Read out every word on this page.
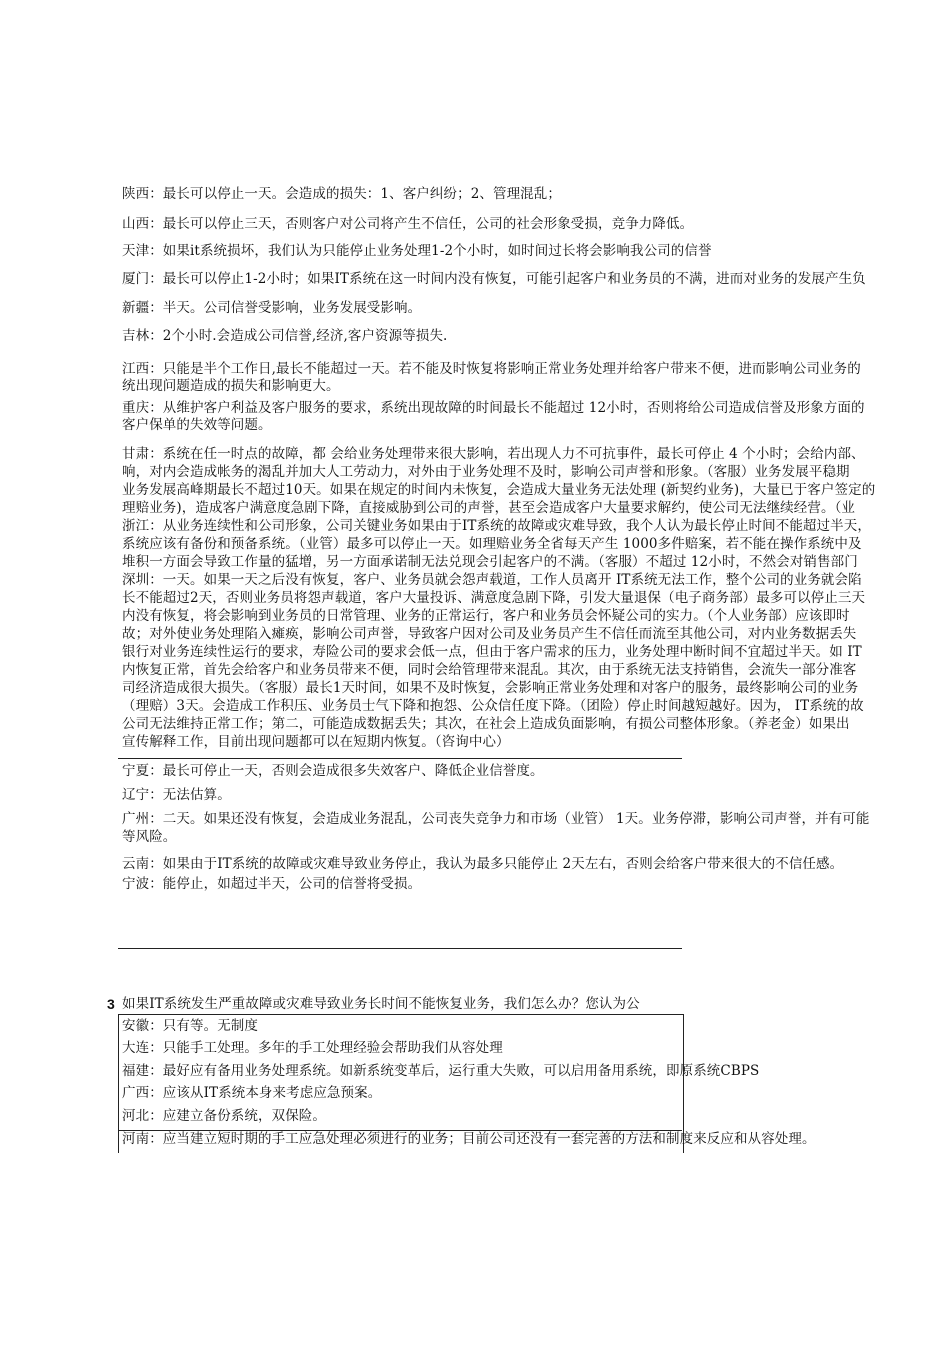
陕西：最长可以停止一天。会造成的损失：1、客户纠纷；2、管理混乱；
山西：最长可以停止三天，否则客户对公司将产生不信任，公司的社会形象受损，竞争力降低。
天津：如果it系统损坏，我们认为只能停止业务处理1-2个小时，如时间过长将会影响我公司的信誉
厦门：最长可以停止1-2小时；如果IT系统在这一时间内没有恢复，可能引起客户和业务员的不满，进而对业务的发展产生负
新疆：半天。公司信誉受影响，业务发展受影响。
吉林：2个小时.会造成公司信誉,经济,客户资源等损失.
江西：只能是半个工作日,最长不能超过一天。若不能及时恢复将影响正常业务处理并给客户带来不便，进而影响公司业务的
统出现问题造成的损失和影响更大。
重庆：从维护客户利益及客户服务的要求，系统出现故障的时间最长不能超过 12小时，否则将给公司造成信誉及形象方面的
客户保单的失效等问题。
甘肃：系统在任一时点的故障，都 会给业务处理带来很大影响，若出现人力不可抗事件，最长可停止 4 个小时；会给内部、
响，对内会造成帐务的渴乱并加大人工劳动力，对外由于业务处理不及时，影响公司声誉和形象。（客服）业务发展平稳期
业务发展高峰期最长不超过10天。如果在规定的时间内未恢复，会造成大量业务无法处理 (新契约业务)，大量已于客户签定的
理赔业务)，造成客户满意度急剧下降，直接威胁到公司的声誉，甚至会造成客户大量要求解约，使公司无法继续经营。（业
浙江：从业务连续性和公司形象，公司关键业务如果由于IT系统的故障或灾难导致，我个人认为最长停止时间不能超过半天，
系统应该有备份和预备系统。（业管）最多可以停止一天。如理赔业务全省每天产生 1000多件赔案，若不能在操作系统中及
堆积一方面会导致工作量的猛增，另一方面承诺制无法兑现会引起客户的不满。（客服）不超过 12小时，不然会对销售部门
深圳：一天。如果一天之后没有恢复，客户、业务员就会怨声载道，工作人员离开 IT系统无法工作，整个公司的业务就会陷
长不能超过2天，否则业务员将怨声载道，客户大量投诉、满意度急剧下降，引发大量退保（电子商务部）最多可以停止三天
内没有恢复，将会影响到业务员的日常管理、业务的正常运行，客户和业务员会怀疑公司的实力。（个人业务部）应该即时
故；对外使业务处理陷入瘫痪，影响公司声誉，导致客户因对公司及业务员产生不信任而流至其他公司，对内业务数据丢失
银行对业务连续性运行的要求，寿险公司的要求会低一点，但由于客户需求的压力，业务处理中断时间不宜超过半天。如 IT
内恢复正常，首先会给客户和业务员带来不便，同时会给管理带来混乱。其次，由于系统无法支持销售，会流失一部分准客
司经济造成很大损失。（客服）最长1天时间，如果不及时恢复，会影响正常业务处理和对客户的服务，最终影响公司的业务
（理赔）3天。会造成工作积压、业务员士气下降和抱怨、公众信任度下降。（团险）停止时间越短越好。因为， IT系统的故
公司无法维持正常工作；第二，可能造成数据丢失；其次，在社会上造成负面影响，有损公司整体形象。（养老金）如果出
宣传解释工作，目前出现问题都可以在短期内恢复。（咨询中心）
宁夏：最长可停止一天，否则会造成很多失效客户、降低企业信誉度。
辽宁：无法估算。
广州：二天。如果还没有恢复，会造成业务混乱，公司丧失竞争力和市场（业管） 1天。业务停滞，影响公司声誉，并有可能
等风险。
云南：如果由于IT系统的故障或灾难导致业务停止，我认为最多只能停止 2天左右，否则会给客户带来很大的不信任感。
宁波：能停止，如超过半天，公司的信誉将受损。
3 如果IT系统发生严重故障或灾难导致业务长时间不能恢复业务，我们怎么办？您认为公
安徽：只有等。无制度
大连：只能手工处理。多年的手工处理经验会帮助我们从容处理
福建：最好应有备用业务处理系统。如新系统变革后，运行重大失败，可以启用备用系统，即原系统CBPS
广西：应该从IT系统本身来考虑应急预案。
河北：应建立备份系统，双保险。
河南：应当建立短时期的手工应急处理必须进行的业务；目前公司还没有一套完善的方法和制度来反应和从容处理。
